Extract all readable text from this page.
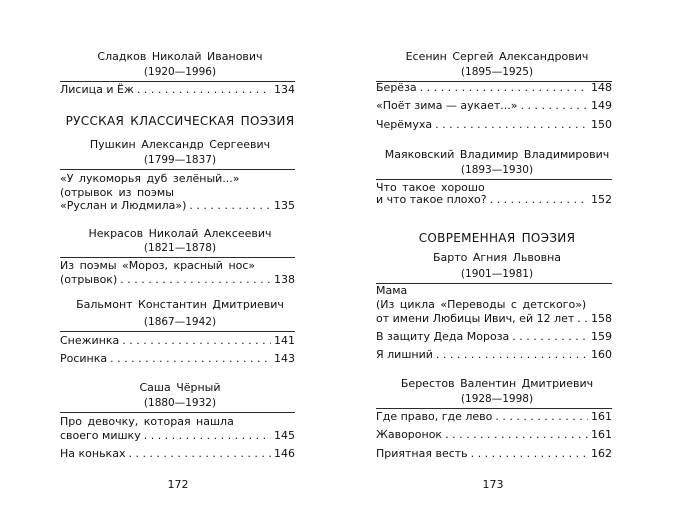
Сладков Николай Иванович
(1920—1996)
Лисица и Ёж . . .	134
РУССКАЯ КЛАССИЧЕСКАЯ ПОЭЗИЯ
Пушкин Александр Сергеевич
(1799—1837)
«У лукоморья дуб зелёный...»
(отрывок из поэмы
«Руслан и Людмила») . . .	135
Некрасов Николай Алексеевич
(1821—1878)
Из поэмы «Мороз, красный нос»
(отрывок) . . .	138
Бальмонт Константин Дмитриевич
(1867—1942)
Снежинка . . .	141
Росинка . . .	143
Саша Чёрный
(1880—1932)
Про девочку, которая нашла
своего мишку . . .	145
На коньках . . .	146
172
Есенин Сергей Александрович
(1895—1925)
Берёза . . .	148
«Поёт зима — аукает...» . . .	149
Черёмуха . . .	150
Маяковский Владимир Владимирович
(1893—1930)
Что такое хорошо
и что такое плохо? . . .	152
СОВРЕМЕННАЯ ПОЭЗИЯ
Барто Агния Львовна
(1901—1981)
Мама
(Из цикла «Переводы с детского»)
от имени Любицы Ивич, ей 12 лет . . . 158
В защиту Деда Мороза . . .	159
Я лишний . . .	160
Берестов Валентин Дмитриевич
(1928—1998)
Где право, где лево . . .	161
Жаворонок . . .	161
Приятная весть . . .	162
173
